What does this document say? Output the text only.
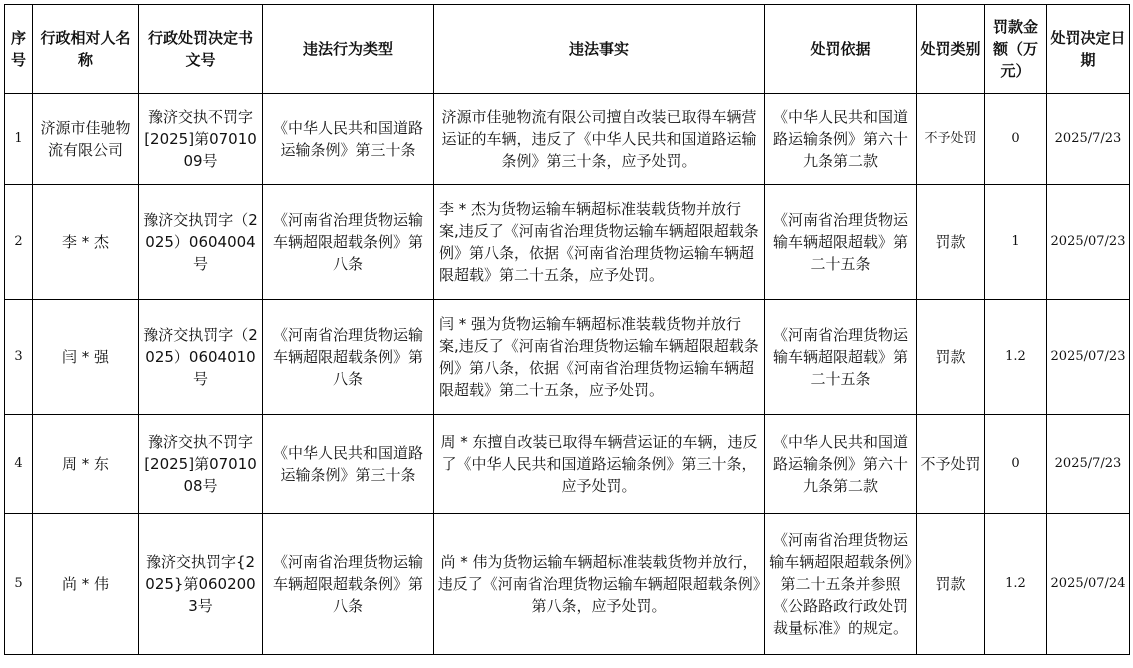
序号	行政相对人名称	行政处罚决定书文号	违法行为类型	违法事实	处罚依据	处罚类别	罚款金额（万元）	处罚决定日期
1	济源市佳驰物流有限公司	豫济交执不罚字[2025]第0701009号	《中华人民共和国道路运输条例》第三十条	济源市佳驰物流有限公司擅自改装已取得车辆营运证的车辆，违反了《中华人民共和国道路运输条例》第三十条，应予处罚。	《中华人民共和国道路运输条例》第六十九条第二款	不予处罚	0	2025/7/23
2	李 * 杰	豫济交执罚字（2025）0604004号	《河南省治理货物运输车辆超限超载条例》第八条	李 * 杰为货物运输车辆超标准装载货物并放行案,违反了《河南省治理货物运输车辆超限超载条例》第八条，依据《河南省治理货物运输车辆超限超载》第二十五条，应予处罚。	《河南省治理货物运输车辆超限超载》第二十五条	罚款	1	2025/07/23
3	闫 * 强	豫济交执罚字（2025）0604010号	《河南省治理货物运输车辆超限超载条例》第八条	闫 * 强为货物运输车辆超标准装载货物并放行案,违反了《河南省治理货物运输车辆超限超载条例》第八条，依据《河南省治理货物运输车辆超限超载》第二十五条，应予处罚。	《河南省治理货物运输车辆超限超载》第二十五条	罚款	1.2	2025/07/23
4	周 * 东	豫济交执不罚字[2025]第0701008号	《中华人民共和国道路运输条例》第三十条	周 * 东擅自改装已取得车辆营运证的车辆，违反了《中华人民共和国道路运输条例》第三十条，应予处罚。	《中华人民共和国道路运输条例》第六十九条第二款	不予处罚	0	2025/7/23
5	尚 * 伟	豫济交执罚字{2025}第0602003号	《河南省治理货物运输车辆超限超载条例》第八条	尚 * 伟为货物运输车辆超标准装载货物并放行，违反了《河南省治理货物运输车辆超限超载条例》第八条，应予处罚。	《河南省治理货物运输车辆超限超载条例》第二十五条并参照《公路路政行政处罚裁量标准》的规定。	罚款	1.2	2025/07/24
